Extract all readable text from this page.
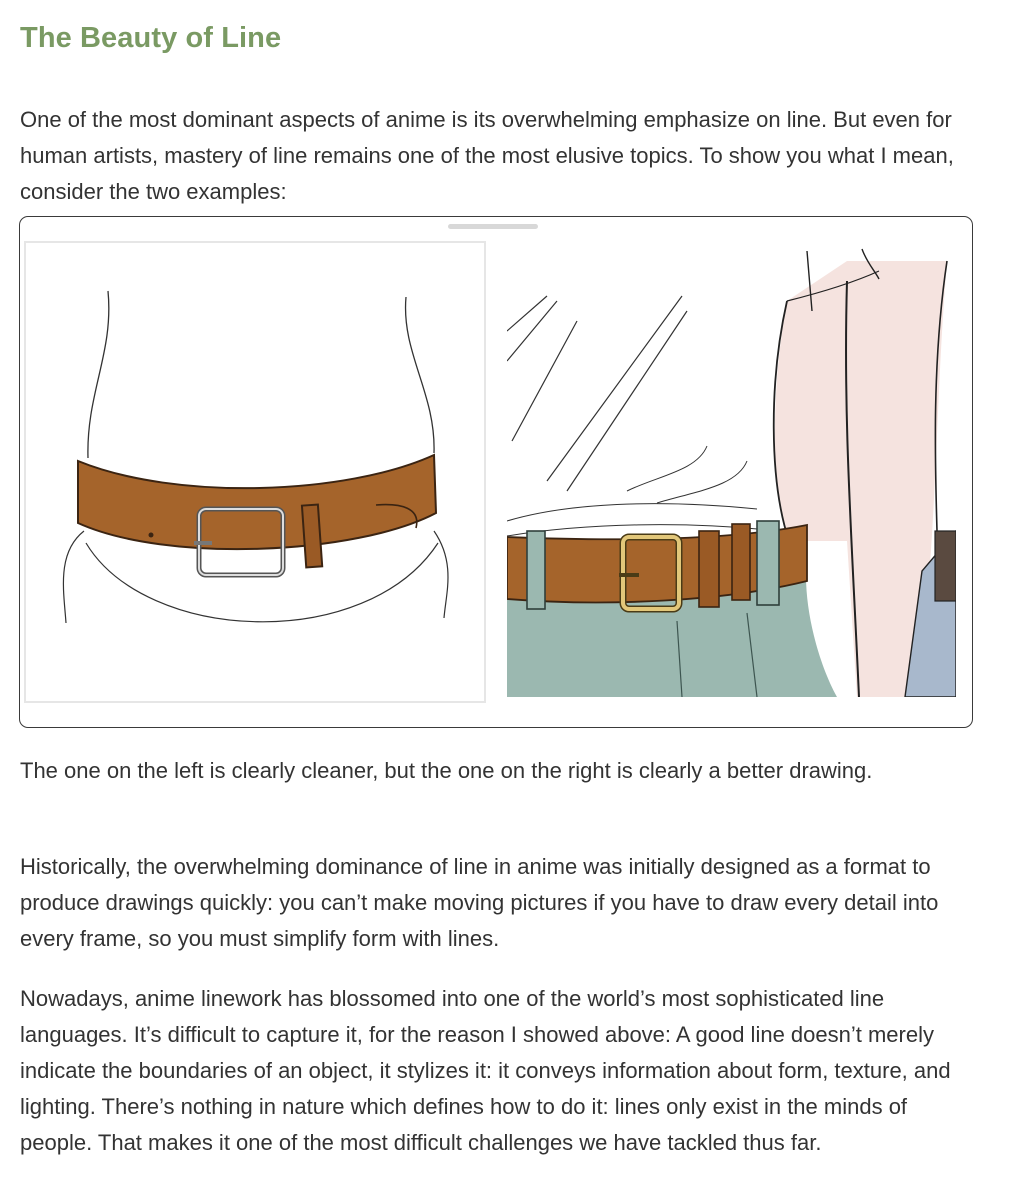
The Beauty of Line

One of the most dominant aspects of anime is its overwhelming emphasize on line. But even for human artists, mastery of line remains one of the most elusive topics. To show you what I mean, consider the two examples:

The one on the left is clearly cleaner, but the one on the right is clearly a better drawing.

Historically, the overwhelming dominance of line in anime was initially designed as a format to produce drawings quickly: you can’t make moving pictures if you have to draw every detail into every frame, so you must simplify form with lines.

Nowadays, anime linework has blossomed into one of the world’s most sophisticated line languages. It’s difficult to capture it, for the reason I showed above: A good line doesn’t merely indicate the boundaries of an object, it stylizes it: it conveys information about form, texture, and lighting. There’s nothing in nature which defines how to do it: lines only exist in the minds of people. That makes it one of the most difficult challenges we have tackled thus far.
